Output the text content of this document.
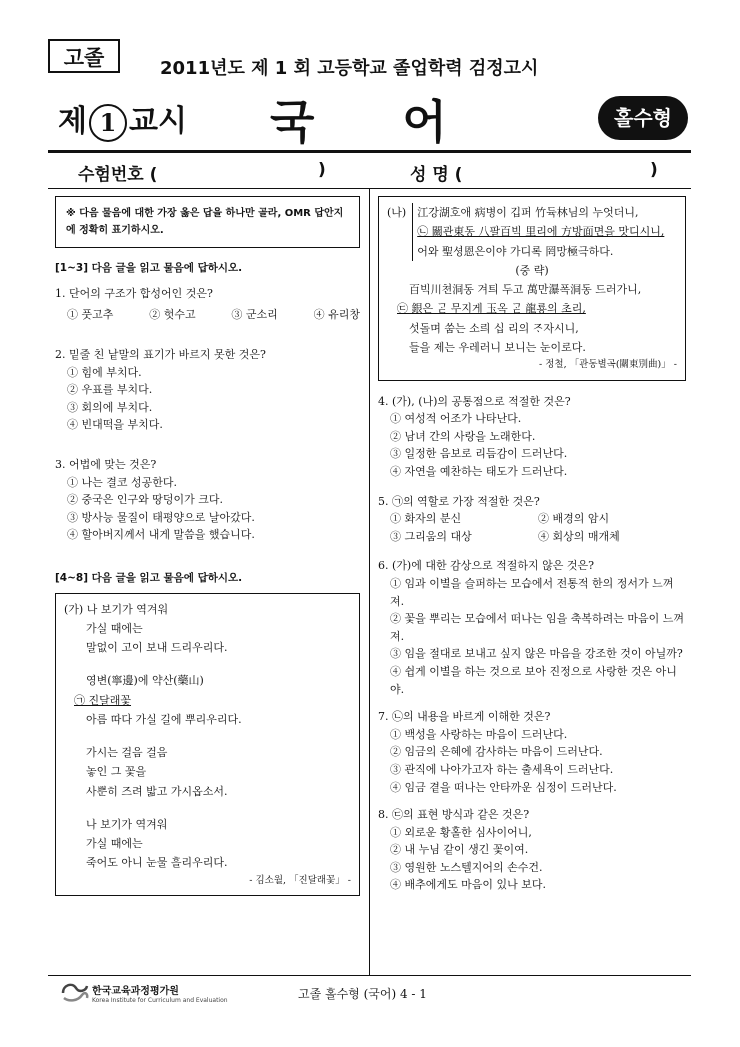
고졸	2011년도 제 1 회 고등학교 졸업학력 검정고시
제 1 교시 국어	홀수형
수험번호 (	)	성 명 (	)
※ 다음 물음에 대한 가장 옳은 답을 하나만 골라, OMR 답안지에 정확히 표기하시오.
[1~3] 다음 글을 읽고 물음에 답하시오.
1. 단어의 구조가 합성어인 것은?
① 풋고추	② 헛수고	③ 군소리	④ 유리창
2. 밑줄 친 낱말의 표기가 바르지 못한 것은?
① 힘에 부치다.
② 우표를 부치다.
③ 회의에 부치다.
④ 빈대떡을 부치다.
3. 어법에 맞는 것은?
① 나는 결코 성공한다.
② 중국은 인구와 땅덩이가 크다.
③ 방사능 물질이 태평양으로 날아갔다.
④ 할아버지께서 내게 말씀을 했습니다.
[4~8] 다음 글을 읽고 물음에 답하시오.
(가) 나 보기가 역겨워
가실 때에는
말없이 고이 보내 드리우리다.
영변(寧邊)에 약산(藥山)
㉠ 진달래꽃
아름 따다 가실 길에 뿌리우리다.
가시는 걸음 걸음
놓인 그 꽃을
사뿐히 즈려 밟고 가시옵소서.
나 보기가 역겨워
가실 때에는
죽어도 아니 눈물 흘리우리다.
- 김소월, 「진달래꽃」 -
(나) 江강湖호애 病병이 깁퍼 竹듁林님의 누엇더니,
㉡ 關관東동 八팔百빅 里리에 方방面면을 맛디시니,
어와 聖셩恩은이야 가디록 罔망極극하다.
(중 략)
百빅川쳔洞동 겨틔 두고 萬만瀑폭洞동 드러가니,
㉢ 銀은 ᄀᆞᆮ 무지게 玉옥 ᄀᆞᆮ 龍룡의 초리,
섯돌며 쑴는 소릐 십 리의 ᄌᆞ자시니,
들을 제는 우레러니 보니는 눈이로다.
- 정철, 「관동별곡(關東別曲)」 -
4. (가), (나)의 공통점으로 적절한 것은?
① 여성적 어조가 나타난다.
② 남녀 간의 사랑을 노래한다.
③ 일정한 음보로 리듬감이 드러난다.
④ 자연을 예찬하는 태도가 드러난다.
5. ㉠의 역할로 가장 적절한 것은?
① 화자의 분신	② 배경의 암시
③ 그리움의 대상	④ 회상의 매개체
6. (가)에 대한 감상으로 적절하지 않은 것은?
① 임과 이별을 슬퍼하는 모습에서 전통적 한의 정서가 느껴져.
② 꽃을 뿌리는 모습에서 떠나는 임을 축복하려는 마음이 느껴져.
③ 임을 절대로 보내고 싶지 않은 마음을 강조한 것이 아닐까?
④ 쉽게 이별을 하는 것으로 보아 진정으로 사랑한 것은 아니야.
7. ㉡의 내용을 바르게 이해한 것은?
① 백성을 사랑하는 마음이 드러난다.
② 임금의 은혜에 감사하는 마음이 드러난다.
③ 관직에 나아가고자 하는 출세욕이 드러난다.
④ 임금 곁을 떠나는 안타까운 심정이 드러난다.
8. ㉢의 표현 방식과 같은 것은?
① 외로운 황홀한 심사이어니,
② 내 누님 같이 생긴 꽃이여.
③ 영원한 노스텔지어의 손수건.
④ 배추에게도 마음이 있나 보다.
한국교육과정평가원
Korea Institute for Curriculum and Evaluation	고졸 홀수형 (국어) 4 - 1
